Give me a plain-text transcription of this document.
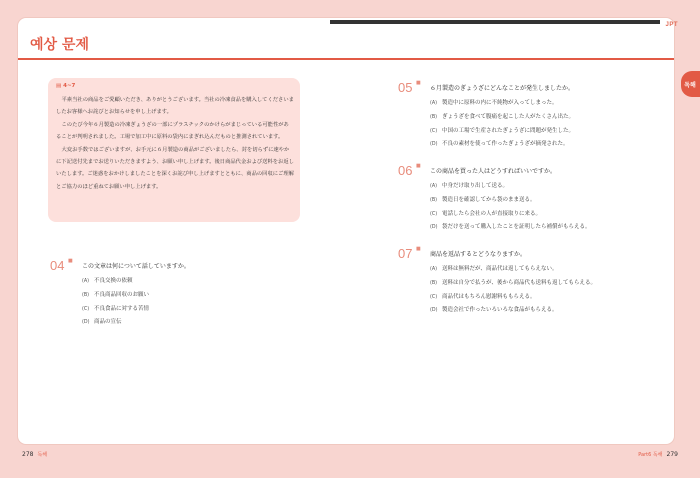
JPT
예상 문제
독해
▤ 4~7

平素当社の商品をご愛顧いただき、ありがとうございます。当社の冷凍食品を購入してくださいましたお客様へお詫びとお知らせを申し上げます。

このたび今年６月製造の冷凍ぎょうざの一部にプラスチックのかけらがまじっている可能性があることが判明されました。工場で加工中に原料の袋内にまぎれ込んだものと推測されています。

大変お手数ではございますが、お手元に６月製造の商品がございましたら、封を切らずに速やかに下記送付先までお送りいただきますよう、お願い申し上げます。後日商品代金および送料をお返しいたします。ご迷惑をおかけしましたことを深くお詫び申し上げますとともに、商品の回収にご理解とご協力のほど重ねてお願い申し上げます。

04 ■
この文章は何について話していますか。
(A) 不良交換の依頼
(B) 不良商品回収のお願い
(C) 不良食品に対する苦情
(D) 商品の宣伝
05 ■
６月製造のぎょうざにどんなことが発生しましたか。
(A) 製造中に原料の内に不純物が入ってしまった。
(B) ぎょうざを食べて腹痛を起こした人がたくさん出た。
(C) 中国の工場で生産されたぎょうざに問題が発生した。
(D) 不良の素材を使って作ったぎょうざが摘発された。
06 ■
この商品を買った人はどうすればいいですか。
(A) 中身だけ取り出して送る。
(B) 製造日を確認してから袋のまま送る。
(C) 電話したら会社の人が直接取りに来る。
(D) 袋だけを送って購入したことを証明したら補償がもらえる。
07 ■
商品を返品するとどうなりますか。
(A) 送料は無料だが、商品代は返してもらえない。
(B) 送料は自分で払うが、後から商品代も送料も返してもらえる。
(C) 商品代はもちろん慰謝料ももらえる。
(D) 製造会社で作ったいろいろな食品がもらえる。
278 독해	Part6 독해 279
